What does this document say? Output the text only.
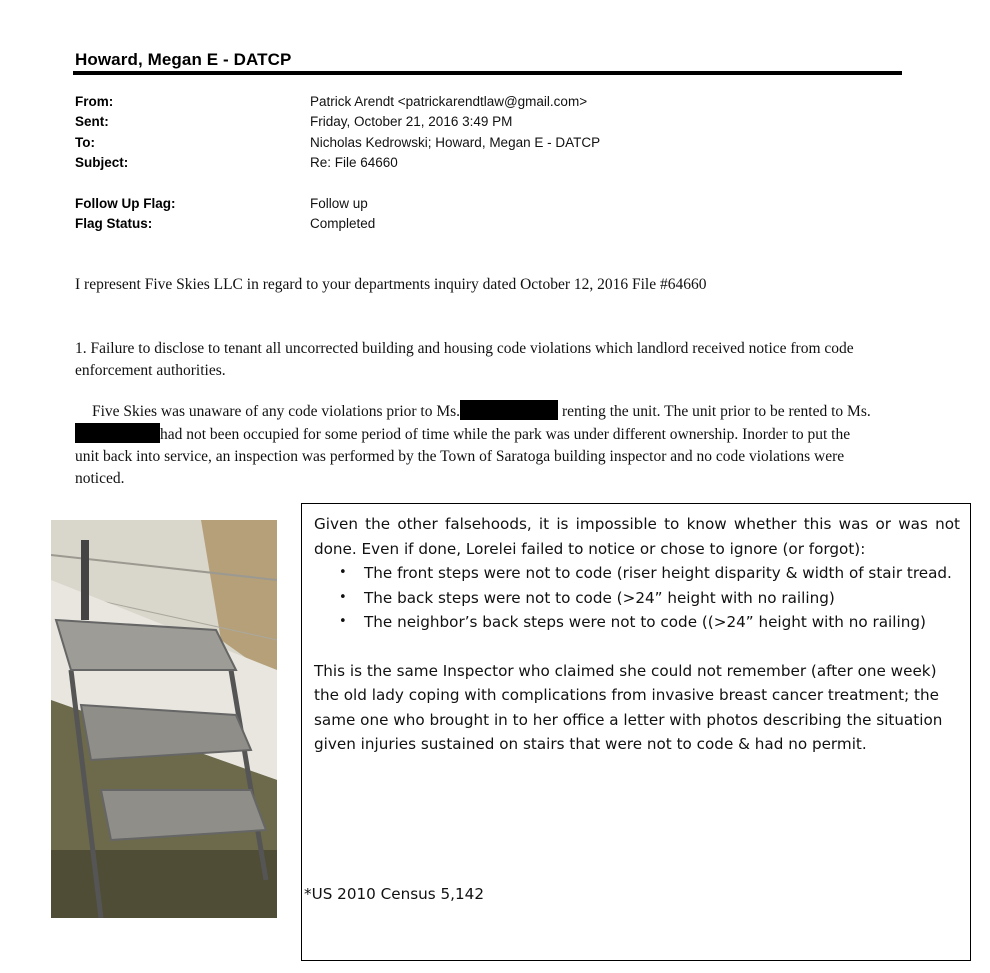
Howard, Megan E - DATCP
From:	Patrick Arendt <patrickarendtlaw@gmail.com>
Sent:	Friday, October 21, 2016 3:49 PM
To:	Nicholas Kedrowski; Howard, Megan E - DATCP
Subject:	Re: File 64660
Follow Up Flag:	Follow up
Flag Status:	Completed
I represent Five Skies LLC in regard to your departments inquiry dated October 12, 2016 File #64660
1. Failure to disclose to tenant all uncorrected building and housing code violations which landlord received notice from code enforcement authorities.
Five Skies was unaware of any code violations prior to Ms.	renting the unit. The unit prior to be rented to Ms. had not been occupied for some period of time while the park was under different ownership. Inorder to put the unit back into service, an inspection was performed by the Town of Saratoga building inspector and no code violations were noticed.

Given the other falsehoods, it is impossible to know whether this was or was not done. Even if done, Lorelei failed to notice or chose to ignore (or forgot):

• The front steps were not to code (riser height disparity & width of stair tread.
• The back steps were not to code (>24” height with no railing)
• The neighbor’s back steps were not to code ((>24” height with no railing)

This is the same Inspector who claimed she could not remember (after one week) the old lady coping with complications from invasive breast cancer treatment; the same one who brought in to her office a letter with photos describing the situation given injuries sustained on stairs that were not to code & had no permit.

*US 2010 Census 5,142
